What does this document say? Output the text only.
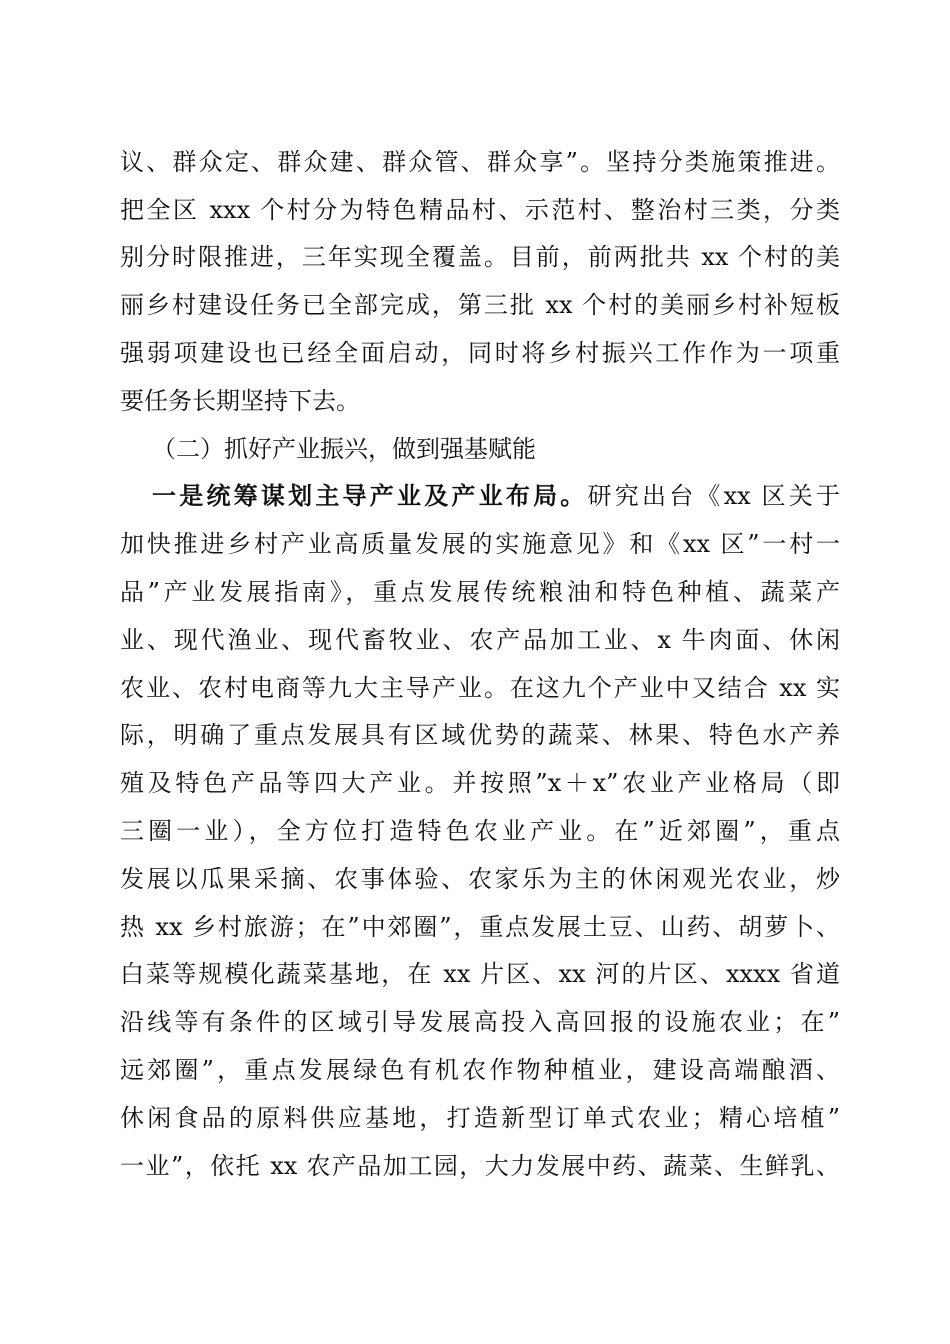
议、群众定、群众建、群众管、群众享”。坚持分类施策推进。
把全区 xxx 个村分为特色精品村、示范村、整治村三类，分类
别分时限推进，三年实现全覆盖。目前，前两批共 xx 个村的美
丽乡村建设任务已全部完成，第三批 xx 个村的美丽乡村补短板
强弱项建设也已经全面启动，同时将乡村振兴工作作为一项重
要任务长期坚持下去。
（二）抓好产业振兴，做到强基赋能
一是统筹谋划主导产业及产业布局。研究出台《xx 区关于
加快推进乡村产业高质量发展的实施意见》和《xx 区”一村一
品”产业发展指南》，重点发展传统粮油和特色种植、蔬菜产
业、现代渔业、现代畜牧业、农产品加工业、x 牛肉面、休闲
农业、农村电商等九大主导产业。在这九个产业中又结合 xx 实
际，明确了重点发展具有区域优势的蔬菜、林果、特色水产养
殖及特色产品等四大产业。并按照”x＋x”农业产业格局（即
三圈一业），全方位打造特色农业产业。在”近郊圈”，重点
发展以瓜果采摘、农事体验、农家乐为主的休闲观光农业，炒
热 xx 乡村旅游；在”中郊圈”，重点发展土豆、山药、胡萝卜、
白菜等规模化蔬菜基地，在 xx 片区、xx 河的片区、xxxx 省道
沿线等有条件的区域引导发展高投入高回报的设施农业；在”
远郊圈”，重点发展绿色有机农作物种植业，建设高端酿酒、
休闲食品的原料供应基地，打造新型订单式农业；精心培植”
一业”，依托 xx 农产品加工园，大力发展中药、蔬菜、生鲜乳、
